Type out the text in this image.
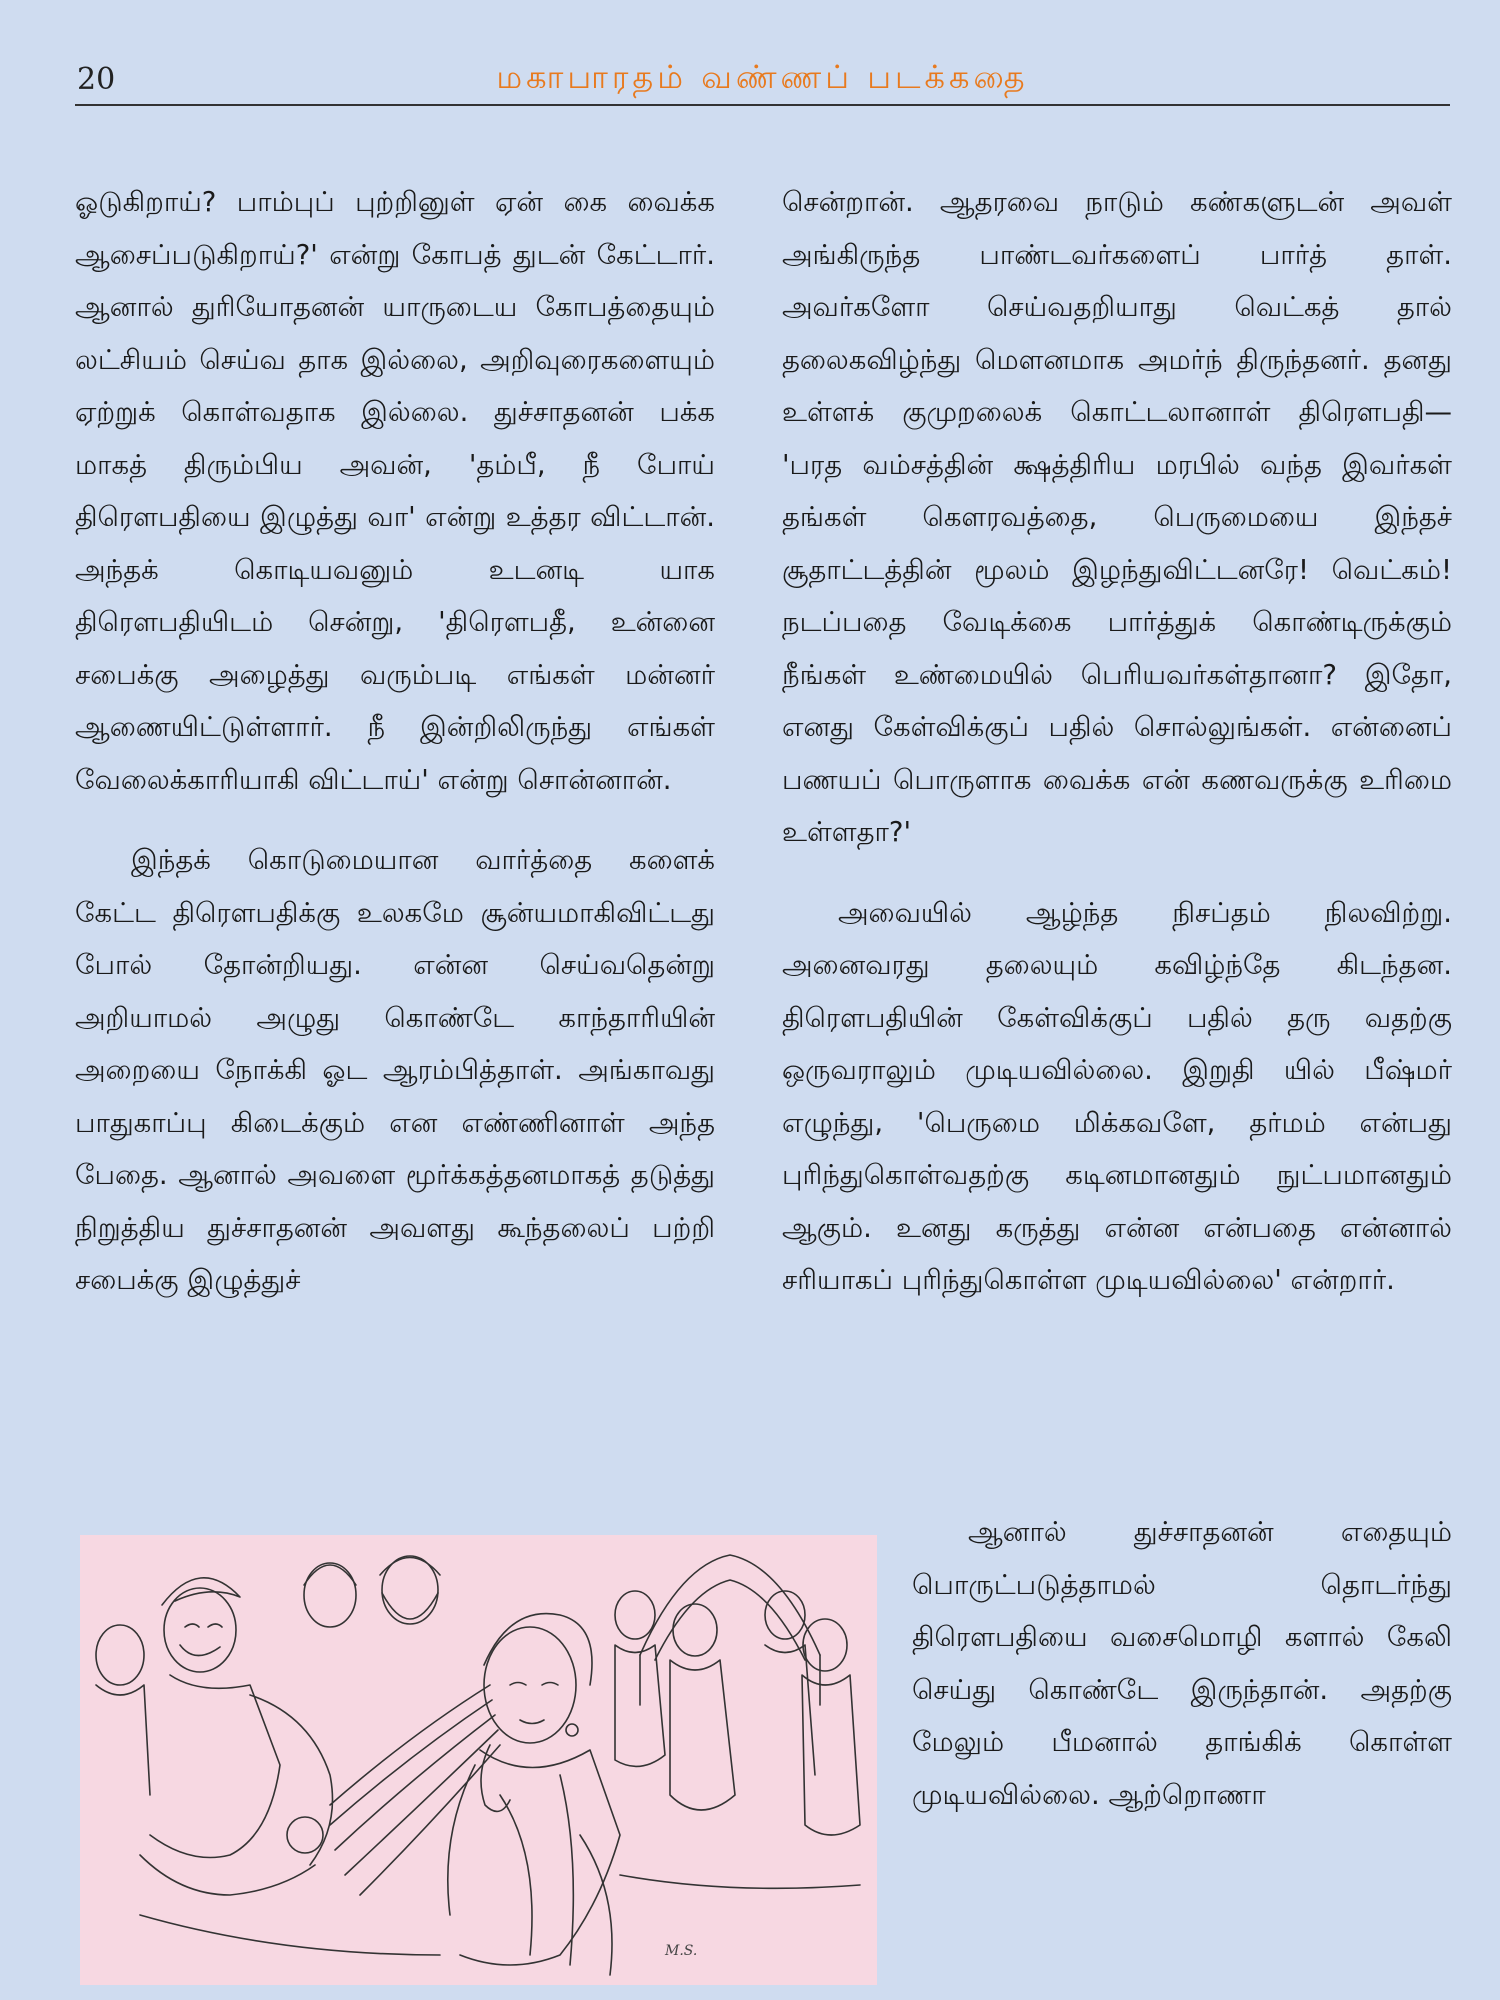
20	மகாபாரதம் வண்ணப் படக்கதை

ஓடுகிறாய்? பாம்புப் புற்றினுள் ஏன் கை வைக்க ஆசைப்படுகிறாய்?' என்று கோபத் துடன் கேட்டார். ஆனால் துரியோதனன் யாருடைய கோபத்தையும் லட்சியம் செய்வ தாக இல்லை, அறிவுரைகளையும் ஏற்றுக் கொள்வதாக இல்லை. துச்சாதனன் பக்க மாகத் திரும்பிய அவன், 'தம்பீ, நீ போய் திரௌபதியை இழுத்து வா' என்று உத்தர விட்டான். அந்தக் கொடியவனும் உடனடி யாக திரௌபதியிடம் சென்று, 'திரௌபதீ, உன்னை சபைக்கு அழைத்து வரும்படி எங்கள் மன்னர் ஆணையிட்டுள்ளார். நீ இன்றிலிருந்து எங்கள் வேலைக்காரியாகி விட்டாய்' என்று சொன்னான்.

இந்தக் கொடுமையான வார்த்தை களைக் கேட்ட திரௌபதிக்கு உலகமே சூன்யமாகிவிட்டது போல் தோன்றியது. என்ன செய்வதென்று அறியாமல் அழுது கொண்டே காந்தாரியின் அறையை நோக்கி ஓட ஆரம்பித்தாள். அங்காவது பாதுகாப்பு கிடைக்கும் என எண்ணினாள் அந்த பேதை. ஆனால் அவளை மூர்க்கத்தனமாகத் தடுத்து நிறுத்திய துச்சாதனன் அவளது கூந்தலைப் பற்றி சபைக்கு இழுத்துச்

சென்றான். ஆதரவை நாடும் கண்களுடன் அவள் அங்கிருந்த பாண்டவர்களைப் பார்த் தாள். அவர்களோ செய்வதறியாது வெட்கத் தால் தலைகவிழ்ந்து மௌனமாக அமர்ந் திருந்தனர். தனது உள்ளக் குமுறலைக் கொட்டலானாள் திரௌபதி— 'பரத வம்சத்தின் க்ஷத்திரிய மரபில் வந்த இவர்கள் தங்கள் கௌரவத்தை, பெருமையை இந்தச் சூதாட்டத்தின் மூலம் இழந்துவிட்டனரே! வெட்கம்! நடப்பதை வேடிக்கை பார்த்துக் கொண்டிருக்கும் நீங்கள் உண்மையில் பெரியவர்கள்தானா? இதோ, எனது கேள்விக்குப் பதில் சொல்லுங்கள். என்னைப் பணயப் பொருளாக வைக்க என் கணவருக்கு உரிமை உள்ளதா?'

அவையில் ஆழ்ந்த நிசப்தம் நிலவிற்று. அனைவரது தலையும் கவிழ்ந்தே கிடந்தன. திரௌபதியின் கேள்விக்குப் பதில் தரு வதற்கு ஒருவராலும் முடியவில்லை. இறுதி யில் பீஷ்மர் எழுந்து, 'பெருமை மிக்கவளே, தர்மம் என்பது புரிந்துகொள்வதற்கு கடினமானதும் நுட்பமானதும் ஆகும். உனது கருத்து என்ன என்பதை என்னால் சரியாகப் புரிந்துகொள்ள முடியவில்லை' என்றார்.

ஆனால் துச்சாதனன் எதையும் பொருட்படுத்தாமல் தொடர்ந்து திரௌபதியை வசைமொழி களால் கேலி செய்து கொண்டே இருந்தான். அதற்கு மேலும் பீமனால் தாங்கிக் கொள்ள முடியவில்லை. ஆற்றொணா

M.S.
